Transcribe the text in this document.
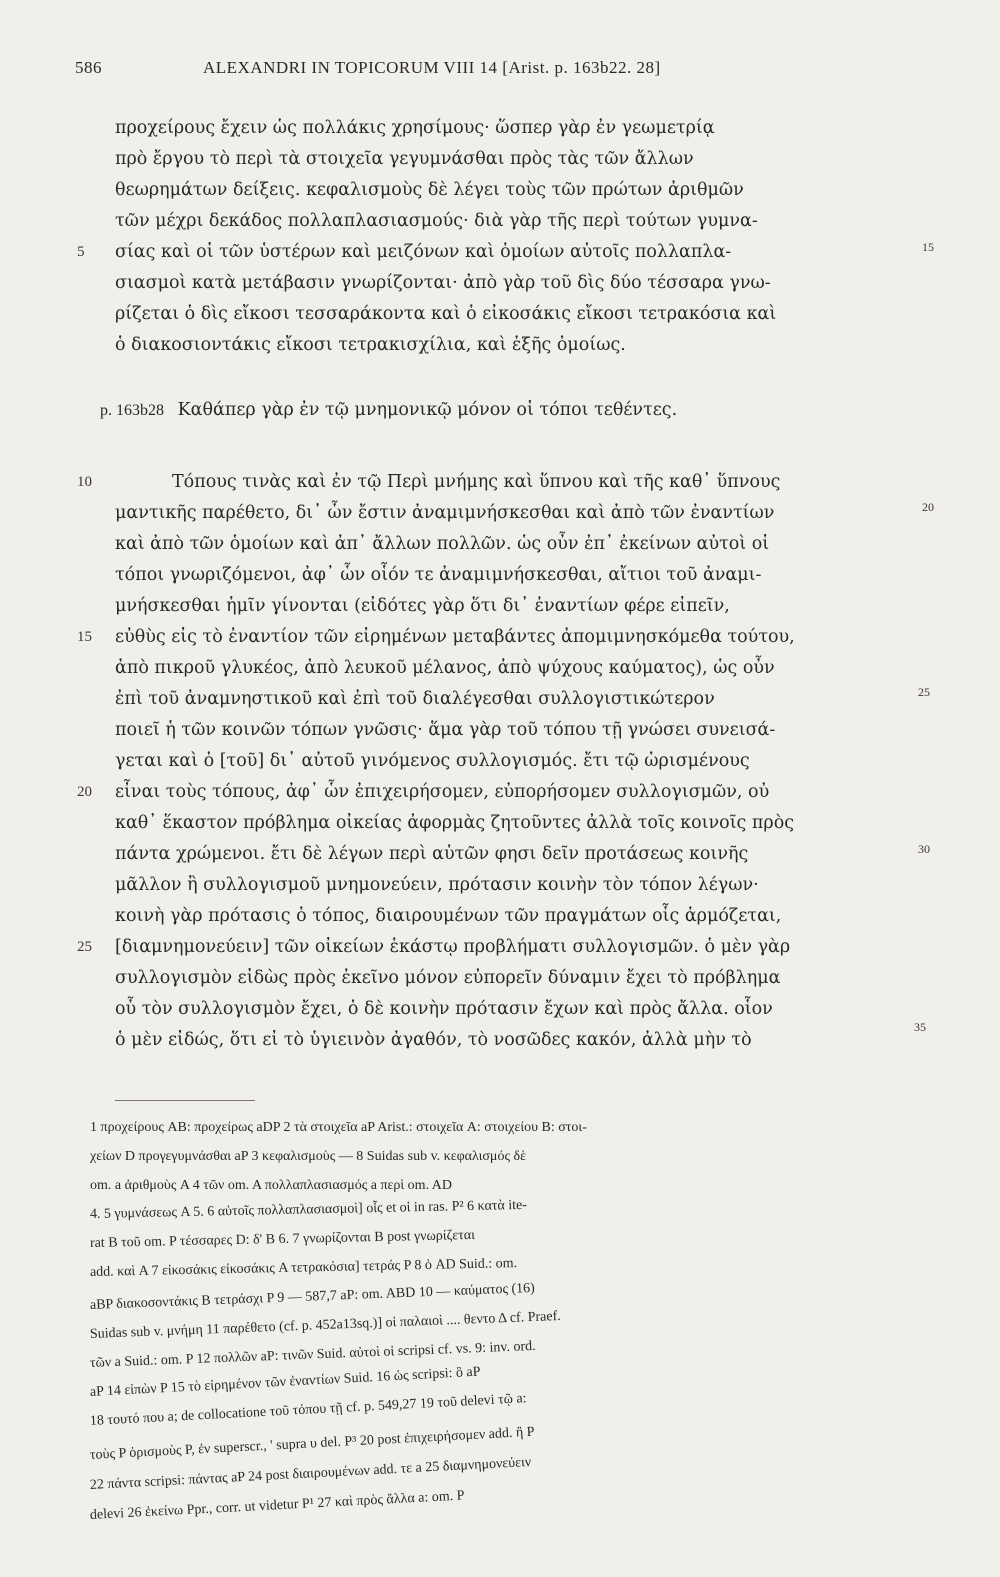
586	ALEXANDRI IN TOPICORUM VIII 14 [Arist. p. 163b22. 28]
προχείρους ἔχειν ὡς πολλάκις χρησίμους· ὥσπερ γὰρ ἐν γεωμετρίᾳ
πρὸ ἔργου τὸ περὶ τὰ στοιχεῖα γεγυμνάσθαι πρὸς τὰς τῶν ἄλλων
θεωρημάτων δείξεις. κεφαλισμοὺς δὲ λέγει τοὺς τῶν πρώτων ἀριθμῶν
τῶν μέχρι δεκάδος πολλαπλασιασμούς· διὰ γὰρ τῆς περὶ τούτων γυμνα-
5 σίας καὶ οἱ τῶν ὑστέρων καὶ μειζόνων καὶ ὁμοίων αὐτοῖς πολλαπλα-	15
σιασμοὶ κατὰ μετάβασιν γνωρίζονται· ἀπὸ γὰρ τοῦ δὶς δύο τέσσαρα γνω-
ρίζεται ὁ δὶς εἴκοσι τεσσαράκοντα καὶ ὁ εἰκοσάκις εἴκοσι τετρακόσια καὶ
ὁ διακοσιοντάκις εἴκοσι τετρακισχίλια, καὶ ἑξῆς ὁμοίως.
p. 163b28 Καθάπερ γὰρ ἐν τῷ μνημονικῷ μόνον οἱ τόποι τεθέντες.
10	Τόπους τινὰς καὶ ἐν τῷ Περὶ μνήμης καὶ ὕπνου καὶ τῆς καθ᾽ ὕπνους
μαντικῆς παρέθετο, δι᾽ ὧν ἔστιν ἀναμιμνήσκεσθαι καὶ ἀπὸ τῶν ἐναντίων	20
καὶ ἀπὸ τῶν ὁμοίων καὶ ἀπ᾽ ἄλλων πολλῶν. ὡς οὖν ἐπ᾽ ἐκείνων αὐτοὶ οἱ
τόποι γνωριζόμενοι, ἀφ᾽ ὧν οἷόν τε ἀναμιμνήσκεσθαι, αἴτιοι τοῦ ἀναμι-
μνήσκεσθαι ἡμῖν γίνονται (εἰδότες γὰρ ὅτι δι᾽ ἐναντίων φέρε εἰπεῖν,
15 εὐθὺς εἰς τὸ ἐναντίον τῶν εἰρημένων μεταβάντες ἀπομιμνησκόμεθα τούτου,
ἀπὸ πικροῦ γλυκέος, ἀπὸ λευκοῦ μέλανος, ἀπὸ ψύχους καύματος), ὡς οὖν
ἐπὶ τοῦ ἀναμνηστικοῦ καὶ ἐπὶ τοῦ διαλέγεσθαι συλλογιστικώτερον	25
ποιεῖ ἡ τῶν κοινῶν τόπων γνῶσις· ἅμα γὰρ τοῦ τόπου τῇ γνώσει συνεισά-
γεται καὶ ὁ [τοῦ] δι᾽ αὐτοῦ γινόμενος συλλογισμός. ἔτι τῷ ὡρισμένους
20 εἶναι τοὺς τόπους, ἀφ᾽ ὧν ἐπιχειρήσομεν, εὐπορήσομεν συλλογισμῶν, οὐ
καθ᾽ ἕκαστον πρόβλημα οἰκείας ἀφορμὰς ζητοῦντες ἀλλὰ τοῖς κοινοῖς πρὸς
πάντα χρώμενοι. ἔτι δὲ λέγων περὶ αὐτῶν φησι δεῖν προτάσεως κοινῆς	30
μᾶλλον ἢ συλλογισμοῦ μνημονεύειν, πρότασιν κοινὴν τὸν τόπον λέγων·
κοινὴ γὰρ πρότασις ὁ τόπος, διαιρουμένων τῶν πραγμάτων οἷς ἁρμόζεται,
25 [διαμνημονεύειν] τῶν οἰκείων ἑκάστῳ προβλήματι συλλογισμῶν. ὁ μὲν γὰρ
συλλογισμὸν εἰδὼς πρὸς ἐκεῖνο μόνον εὐπορεῖν δύναμιν ἔχει τὸ πρόβλημα
οὗ τὸν συλλογισμὸν ἔχει, ὁ δὲ κοινὴν πρότασιν ἔχων καὶ πρὸς ἄλλα. οἷον
ὁ μὲν εἰδώς, ὅτι εἰ τὸ ὑγιεινὸν ἀγαθόν, τὸ νοσῶδες κακόν, ἀλλὰ μὴν τὸ
35
1 προχείρους AB: προχείρως aDP 2 τὰ στοιχεῖα aP Arist.: στοιχεῖα A: στοιχείου B: στοι-
χείων D προγεγυμνάσθαι aP 3 κεφαλισμοὺς — 8 Suidas sub v. κεφαλισμός δὲ
om. a ἀριθμοὺς A 4 τῶν om. A πολλαπλασιασμός a περὶ om. AD
4. 5 γυμνάσεως A 5. 6 αὐτοῖς πολλαπλασιασμοὶ] οἷς et οἱ in ras. P² 6 κατὰ ite-
rat B τοῦ om. P τέσσαρες D: δ' B 6. 7 γνωρίζονται B post γνωρίζεται
add. καὶ A 7 εἰκοσάκις εἰκοσάκις A τετρακόσια] τετράς P 8 ὁ AD Suid.: om.
aBP διακοσοντάκις B τετράσχι P 9 — 587,7 aP: om. ABD 10 — καύματος (16)
Suidas sub v. μνήμη 11 παρέθετο (cf. p. 452a13sq.)] οἱ παλαιοὶ .... θεντο Δ cf. Praef.
τῶν a Suid.: om. P 12 πολλῶν aP: τινῶν Suid. αὐτοὶ οἱ scripsi cf. vs. 9: inv. ord.
aP 14 εἰπὼν P 15 τὸ εἰρημένον τῶν ἐναντίων Suid. 16 ὡς scripsi: ὃ aP
18 τουτό που a; de collocatione τοῦ τόπου τῇ cf. p. 549,27 19 τοῦ delevi τῷ a:
τοὺς P ὁρισμοὺς P, ἐν superscr., ' supra υ del. P³ 20 post ἐπιχειρήσομεν add. ἢ P
22 πάντα scripsi: πάντας aP 24 post διαιρουμένων add. τε a 25 διαμνημονεύειν
delevi 26 ἐκείνω Ppr., corr. ut videtur P¹ 27 καὶ πρὸς ἄλλα a: om. P
